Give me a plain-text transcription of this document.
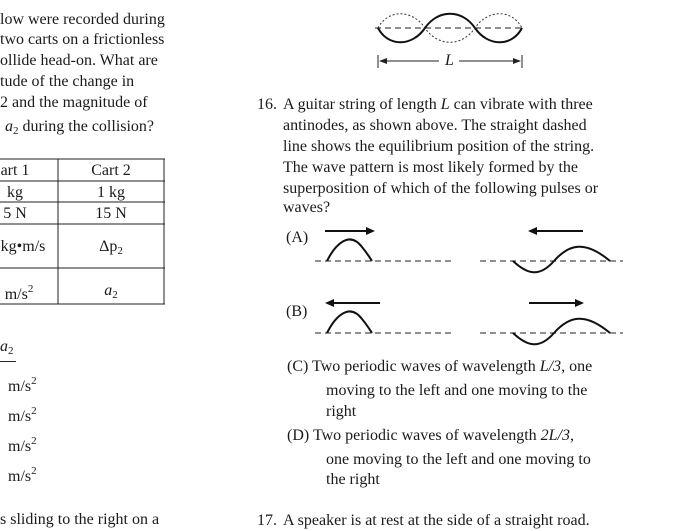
low were recorded during
two carts on a frictionless
ollide head-on. What are
tude of the change in
2 and the magnitude of
$a_2$ during the collision?
art 1	Cart 2
kg	1 kg
5 N	15 N
kg•m/s	$\Delta p_2$
$m/s^2$	$a_2$
$a_2$
$m/s^2$
$m/s^2$
$m/s^2$
$m/s^2$
s sliding to the right on a
L
16. A guitar string of length L can vibrate with three
antinodes, as shown above. The straight dashed
line shows the equilibrium position of the string.
The wave pattern is most likely formed by the
superposition of which of the following pulses or
waves?
(A)
(B)
(C) Two periodic waves of wavelength L/3, one
moving to the left and one moving to the
right
(D) Two periodic waves of wavelength 2L/3,
one moving to the left and one moving to
the right
17. A speaker is at rest at the side of a straight road.
